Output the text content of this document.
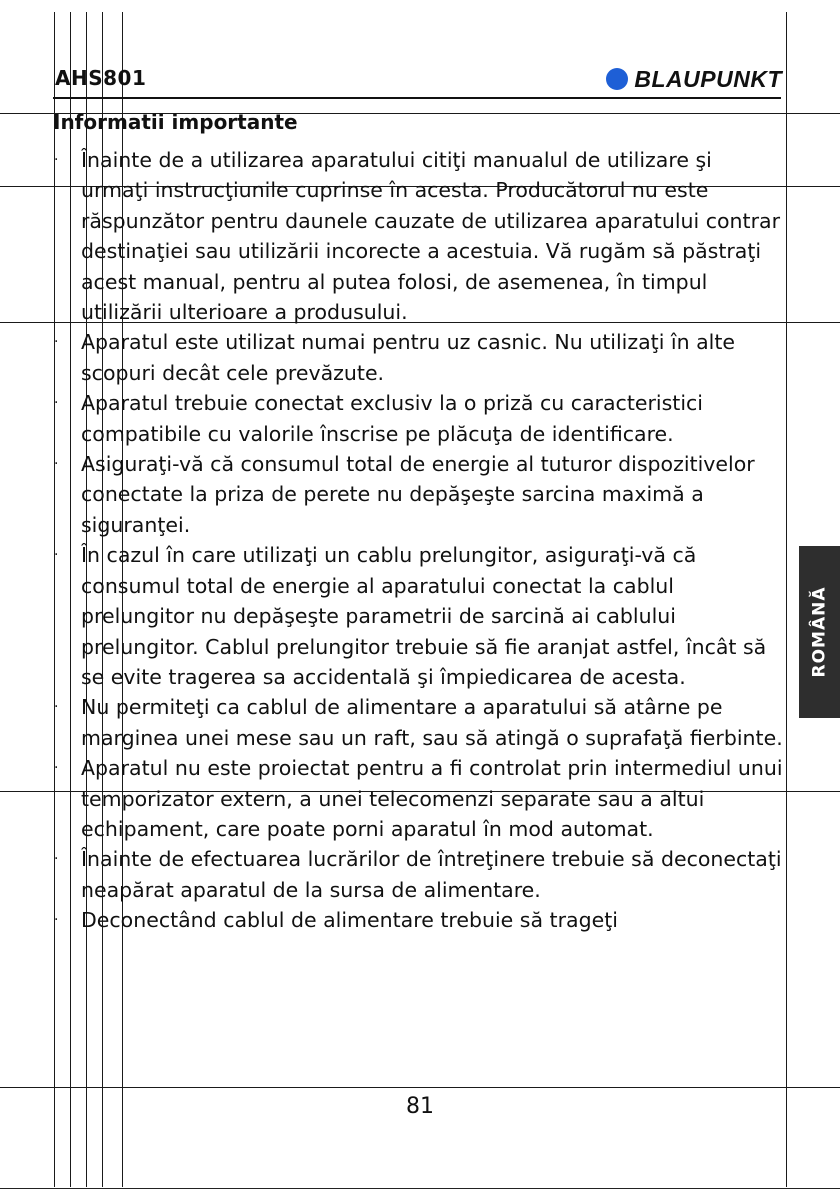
AHS801	BLAUPUNKT
Informatii importante
· Înainte de a utilizarea aparatului citiţi manualul de utilizare şi urmaţi instrucţiunile cuprinse în acesta. Producătorul nu este răspunzător pentru daunele cauzate de utilizarea aparatului contrar destinaţiei sau utilizării incorecte a acestuia. Vă rugăm să păstraţi acest manual, pentru al putea folosi, de asemenea, în timpul utilizării ulterioare a produsului.
· Aparatul este utilizat numai pentru uz casnic. Nu utilizaţi în alte scopuri decât cele prevăzute.
· Aparatul trebuie conectat exclusiv la o priză cu caracteristici compatibile cu valorile înscrise pe plăcuţa de identificare.
· Asiguraţi-vă că consumul total de energie al tuturor dispozitivelor conectate la priza de perete nu depăşeşte sarcina maximă a siguranţei.
· În cazul în care utilizaţi un cablu prelungitor, asiguraţi-vă că consumul total de energie al aparatului conectat la cablul prelungitor nu depăşeşte parametrii de sarcină ai cablului prelungitor. Cablul prelungitor trebuie să fie aranjat astfel, încât să se evite tragerea sa accidentală şi împiedicarea de acesta.
· Nu permiteţi ca cablul de alimentare a aparatului să atârne pe marginea unei mese sau un raft, sau să atingă o suprafaţă fierbinte.
· Aparatul nu este proiectat pentru a fi controlat prin intermediul unui temporizator extern, a unei telecomenzi separate sau a altui echipament, care poate porni aparatul în mod automat.
· Înainte de efectuarea lucrărilor de întreţinere trebuie să deconectaţi neapărat aparatul de la sursa de alimentare.
· Deconectând cablul de alimentare trebuie să trageţi
81
ROMÂNĂ
